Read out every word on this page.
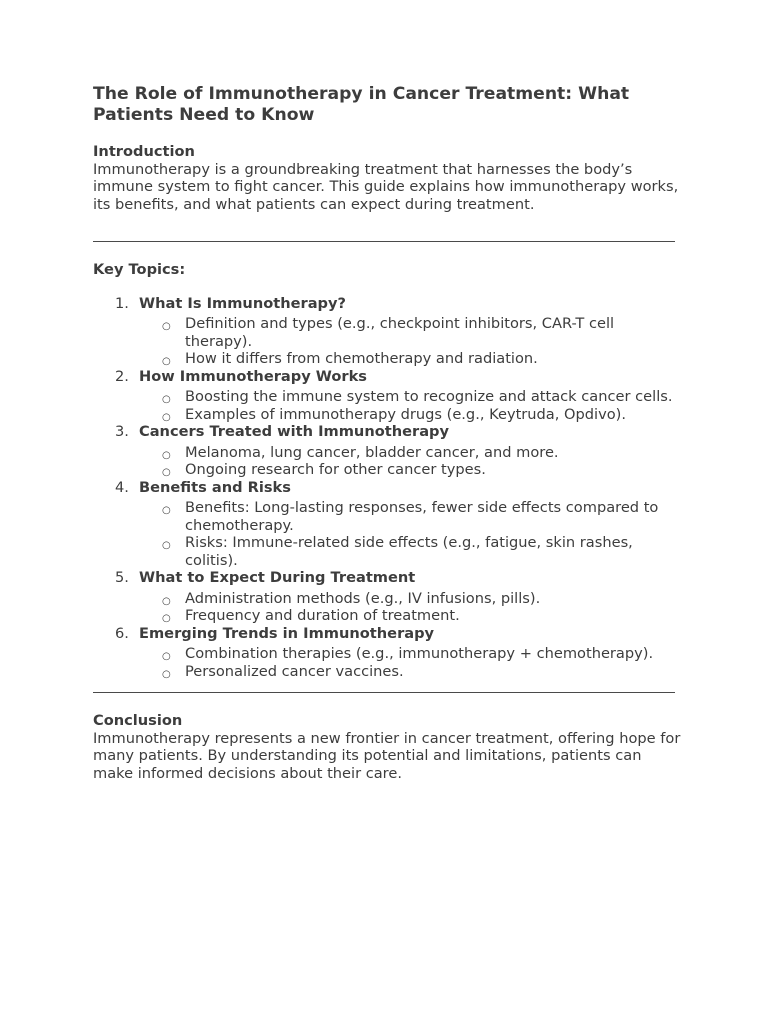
The Role of Immunotherapy in Cancer Treatment: What Patients Need to Know
Introduction

Immunotherapy is a groundbreaking treatment that harnesses the body’s immune system to fight cancer. This guide explains how immunotherapy works, its benefits, and what patients can expect during treatment.

Key Topics:
1. What Is Immunotherapy?
○ Definition and types (e.g., checkpoint inhibitors, CAR-T cell therapy).
○ How it differs from chemotherapy and radiation.
2. How Immunotherapy Works
○ Boosting the immune system to recognize and attack cancer cells.
○ Examples of immunotherapy drugs (e.g., Keytruda, Opdivo).
3. Cancers Treated with Immunotherapy
○ Melanoma, lung cancer, bladder cancer, and more.
○ Ongoing research for other cancer types.
4. Benefits and Risks
○ Benefits: Long-lasting responses, fewer side effects compared to chemotherapy.
○ Risks: Immune-related side effects (e.g., fatigue, skin rashes, colitis).
5. What to Expect During Treatment
○ Administration methods (e.g., IV infusions, pills).
○ Frequency and duration of treatment.
6. Emerging Trends in Immunotherapy
○ Combination therapies (e.g., immunotherapy + chemotherapy).
○ Personalized cancer vaccines.
Conclusion

Immunotherapy represents a new frontier in cancer treatment, offering hope for many patients. By understanding its potential and limitations, patients can make informed decisions about their care.
